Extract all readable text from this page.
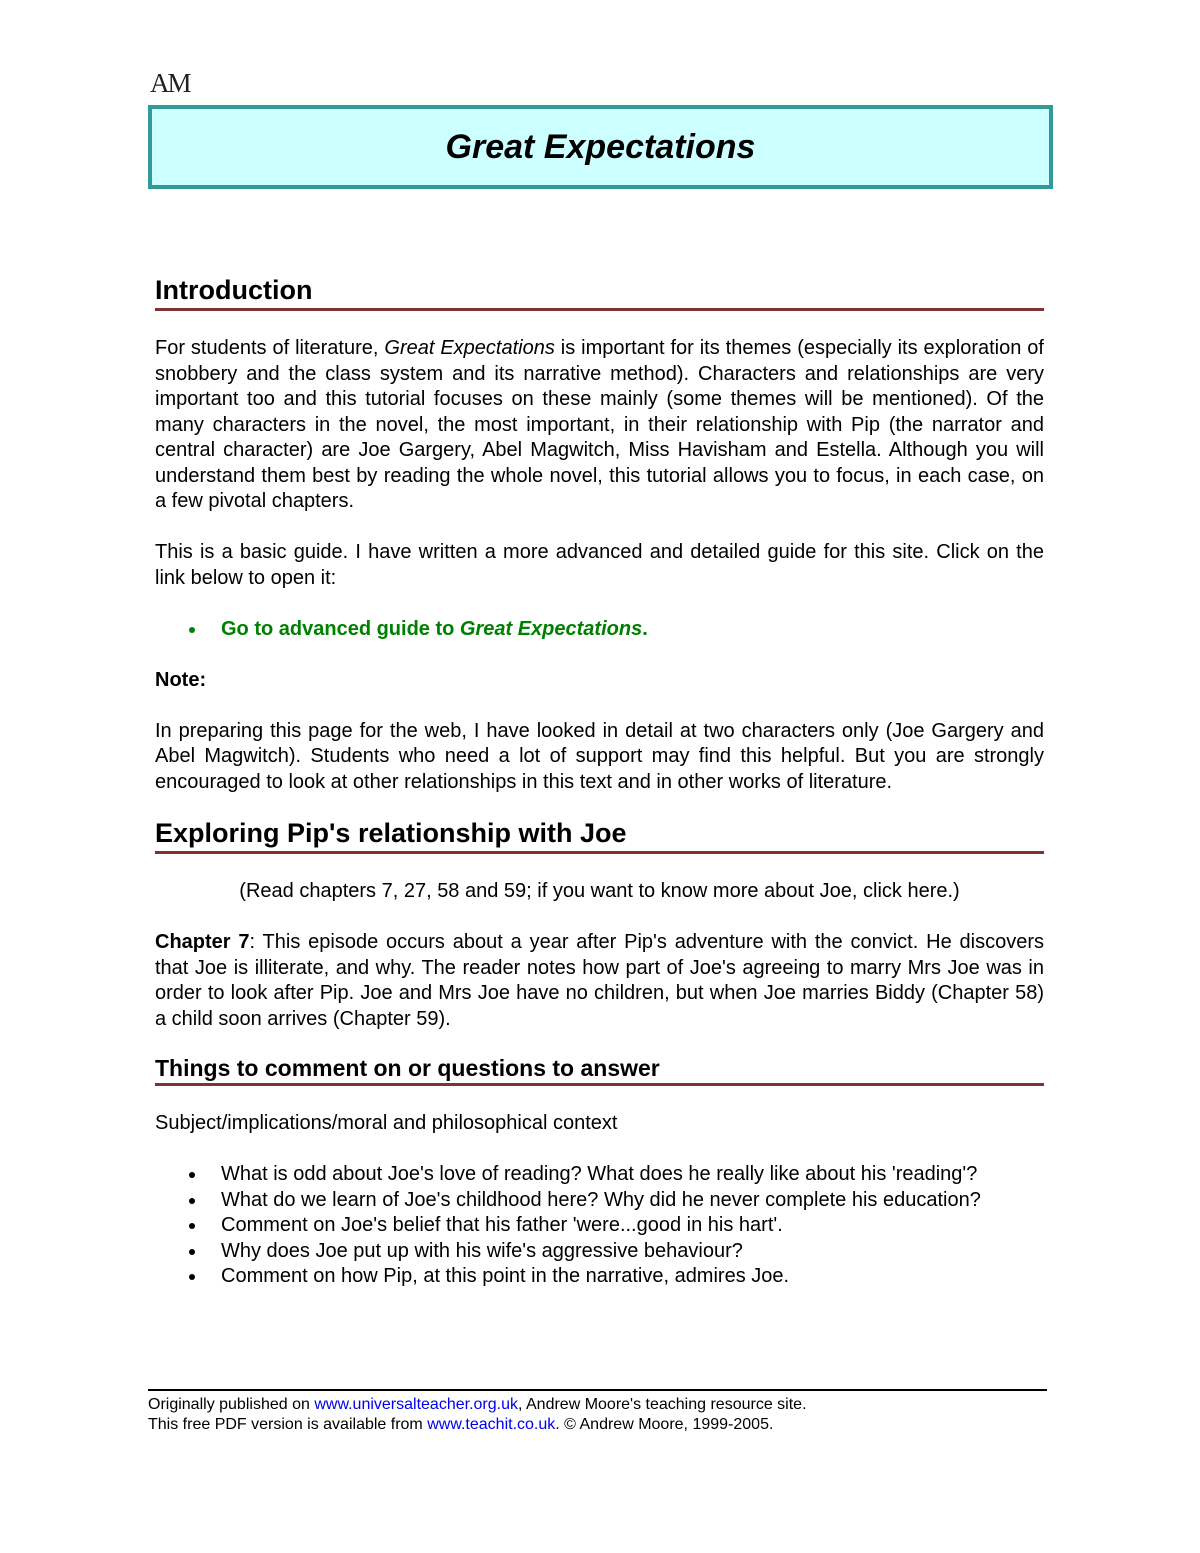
AM
Great Expectations
Introduction

For students of literature, Great Expectations is important for its themes (especially its exploration of snobbery and the class system and its narrative method). Characters and relationships are very important too and this tutorial focuses on these mainly (some themes will be mentioned). Of the many characters in the novel, the most important, in their relationship with Pip (the narrator and central character) are Joe Gargery, Abel Magwitch, Miss Havisham and Estella. Although you will understand them best by reading the whole novel, this tutorial allows you to focus, in each case, on a few pivotal chapters.

This is a basic guide. I have written a more advanced and detailed guide for this site. Click on the link below to open it:

Go to advanced guide to Great Expectations.

Note:

In preparing this page for the web, I have looked in detail at two characters only (Joe Gargery and Abel Magwitch). Students who need a lot of support may find this helpful. But you are strongly encouraged to look at other relationships in this text and in other works of literature.

Exploring Pip's relationship with Joe

(Read chapters 7, 27, 58 and 59; if you want to know more about Joe, click here.)

Chapter 7: This episode occurs about a year after Pip's adventure with the convict. He discovers that Joe is illiterate, and why. The reader notes how part of Joe's agreeing to marry Mrs Joe was in order to look after Pip. Joe and Mrs Joe have no children, but when Joe marries Biddy (Chapter 58) a child soon arrives (Chapter 59).

Things to comment on or questions to answer

Subject/implications/moral and philosophical context

What is odd about Joe's love of reading? What does he really like about his 'reading'?
What do we learn of Joe's childhood here? Why did he never complete his education?
Comment on Joe's belief that his father 'were...good in his hart'.
Why does Joe put up with his wife's aggressive behaviour?
Comment on how Pip, at this point in the narrative, admires Joe.
Originally published on www.universalteacher.org.uk, Andrew Moore's teaching resource site.
This free PDF version is available from www.teachit.co.uk. © Andrew Moore, 1999-2005.
